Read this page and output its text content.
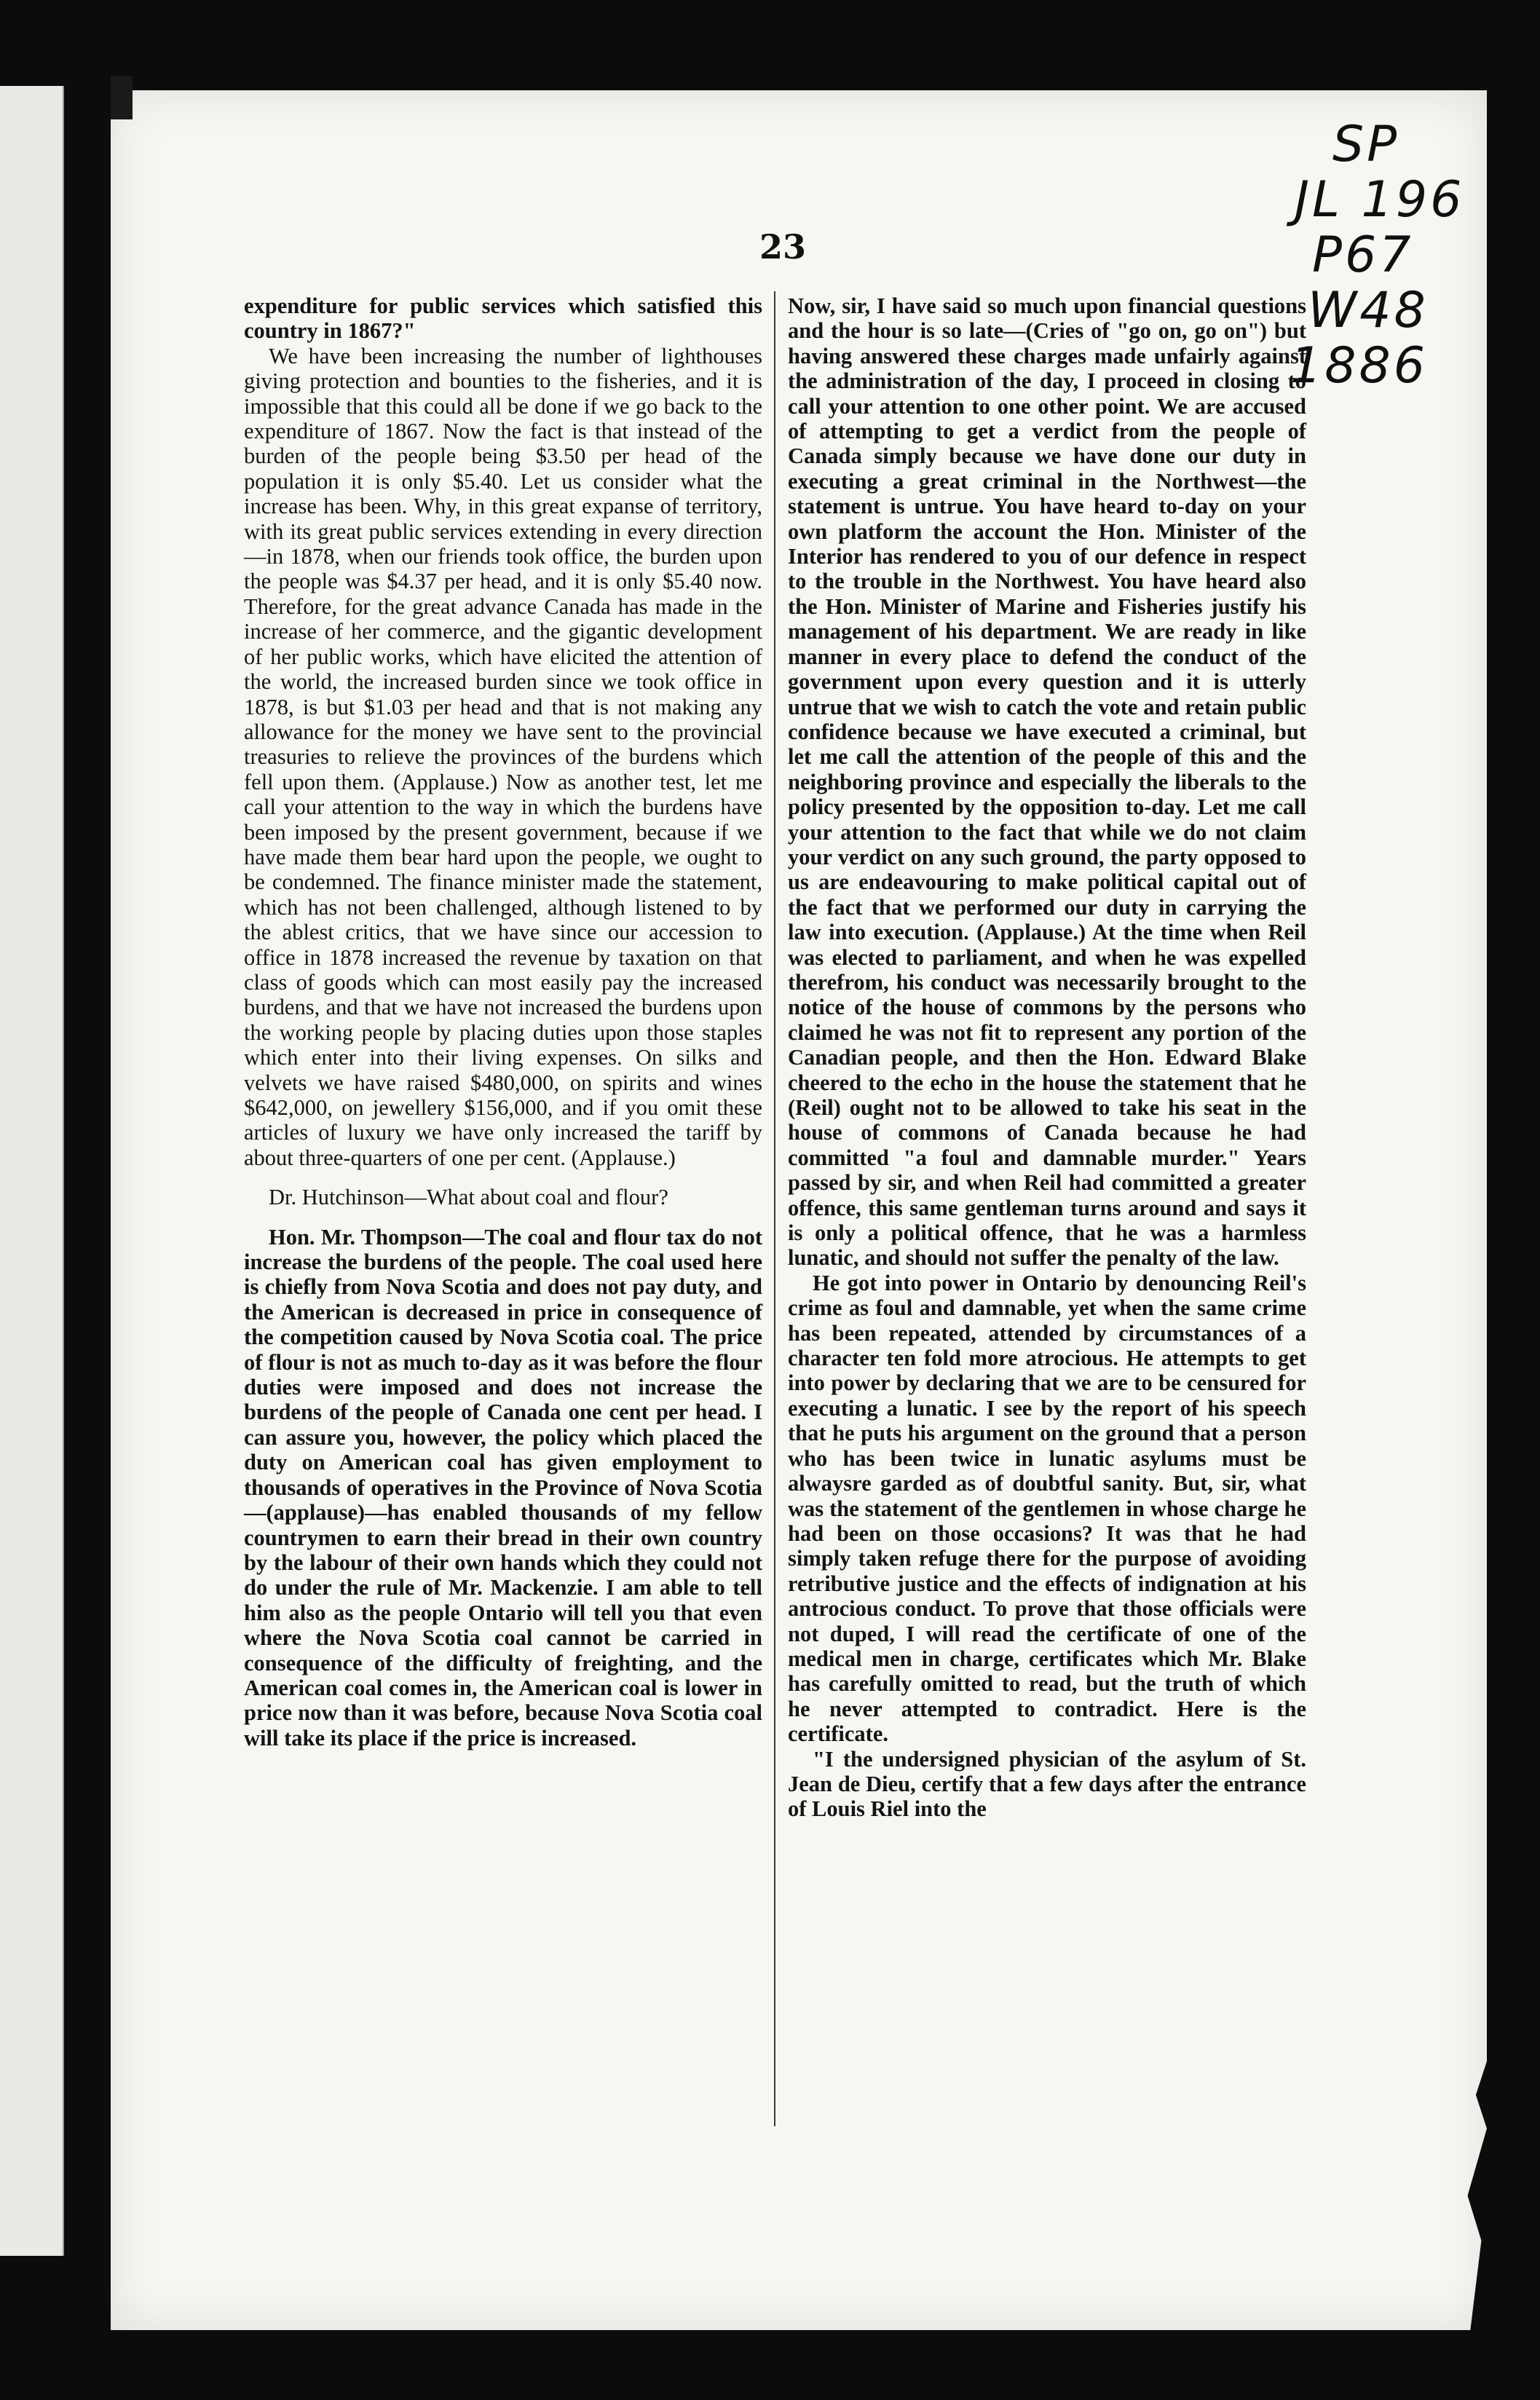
23
SP
JL 196
P67
W48
1886

expenditure for public services which satisfied this country in 1867?"

We have been increasing the number of lighthouses giving protection and bounties to the fisheries, and it is impossible that this could all be done if we go back to the expenditure of 1867. Now the fact is that instead of the burden of the people being $3.50 per head of the population it is only $5.40. Let us consider what the increase has been. Why, in this great expanse of territory, with its great public services extending in every direction—in 1878, when our friends took office, the burden upon the people was $4.37 per head, and it is only $5.40 now. Therefore, for the great advance Canada has made in the increase of her commerce, and the gigantic development of her public works, which have elicited the attention of the world, the increased burden since we took office in 1878, is but $1.03 per head and that is not making any allowance for the money we have sent to the provincial treasuries to relieve the provinces of the burdens which fell upon them. (Applause.) Now as another test, let me call your attention to the way in which the burdens have been imposed by the present government, because if we have made them bear hard upon the people, we ought to be condemned. The finance minister made the statement, which has not been challenged, although listened to by the ablest critics, that we have since our accession to office in 1878 increased the revenue by taxation on that class of goods which can most easily pay the increased burdens, and that we have not increased the burdens upon the working people by placing duties upon those staples which enter into their living expenses. On silks and velvets we have raised $480,000, on spirits and wines $642,000, on jewellery $156,000, and if you omit these articles of luxury we have only increased the tariff by about three-quarters of one per cent. (Applause.)

Dr. Hutchinson—What about coal and flour?

Hon. Mr. Thompson—The coal and flour tax do not increase the burdens of the people. The coal used here is chiefly from Nova Scotia and does not pay duty, and the American is decreased in price in consequence of the competition caused by Nova Scotia coal. The price of flour is not as much to-day as it was before the flour duties were imposed and does not increase the burdens of the people of Canada one cent per head. I can assure you, however, the policy which placed the duty on American coal has given employment to thousands of operatives in the Province of Nova Scotia—(applause)—has enabled thousands of my fellow countrymen to earn their bread in their own country by the labour of their own hands which they could not do under the rule of Mr. Mackenzie. I am able to tell him also as the people Ontario will tell you that even where the Nova Scotia coal cannot be carried in consequence of the difficulty of freighting, and the American coal comes in, the American coal is lower in price now than it was before, because Nova Scotia coal will take its place if the price is increased.

Now, sir, I have said so much upon financial questions and the hour is so late—(Cries of "go on, go on") but having answered these charges made unfairly against the administration of the day, I proceed in closing to call your attention to one other point. We are accused of attempting to get a verdict from the people of Canada simply because we have done our duty in executing a great criminal in the Northwest—the statement is untrue. You have heard to-day on your own platform the account the Hon. Minister of the Interior has rendered to you of our defence in respect to the trouble in the Northwest. You have heard also the Hon. Minister of Marine and Fisheries justify his management of his department. We are ready in like manner in every place to defend the conduct of the government upon every question and it is utterly untrue that we wish to catch the vote and retain public confidence because we have executed a criminal, but let me call the attention of the people of this and the neighboring province and especially the liberals to the policy presented by the opposition to-day. Let me call your attention to the fact that while we do not claim your verdict on any such ground, the party opposed to us are endeavouring to make political capital out of the fact that we performed our duty in carrying the law into execution. (Applause.) At the time when Reil was elected to parliament, and when he was expelled therefrom, his conduct was necessarily brought to the notice of the house of commons by the persons who claimed he was not fit to represent any portion of the Canadian people, and then the Hon. Edward Blake cheered to the echo in the house the statement that he (Reil) ought not to be allowed to take his seat in the house of commons of Canada because he had committed "a foul and damnable murder." Years passed by sir, and when Reil had committed a greater offence, this same gentleman turns around and says it is only a political offence, that he was a harmless lunatic, and should not suffer the penalty of the law.

He got into power in Ontario by denouncing Reil's crime as foul and damnable, yet when the same crime has been repeated, attended by circumstances of a character ten fold more atrocious. He attempts to get into power by declaring that we are to be censured for executing a lunatic. I see by the report of his speech that he puts his argument on the ground that a person who has been twice in lunatic asylums must be alwaysre garded as of doubtful sanity. But, sir, what was the statement of the gentlemen in whose charge he had been on those occasions? It was that he had simply taken refuge there for the purpose of avoiding retributive justice and the effects of indignation at his antrocious conduct. To prove that those officials were not duped, I will read the certificate of one of the medical men in charge, certificates which Mr. Blake has carefully omitted to read, but the truth of which he never attempted to contradict. Here is the certificate.

"I the undersigned physician of the asylum of St. Jean de Dieu, certify that a few days after the entrance of Louis Riel into the
